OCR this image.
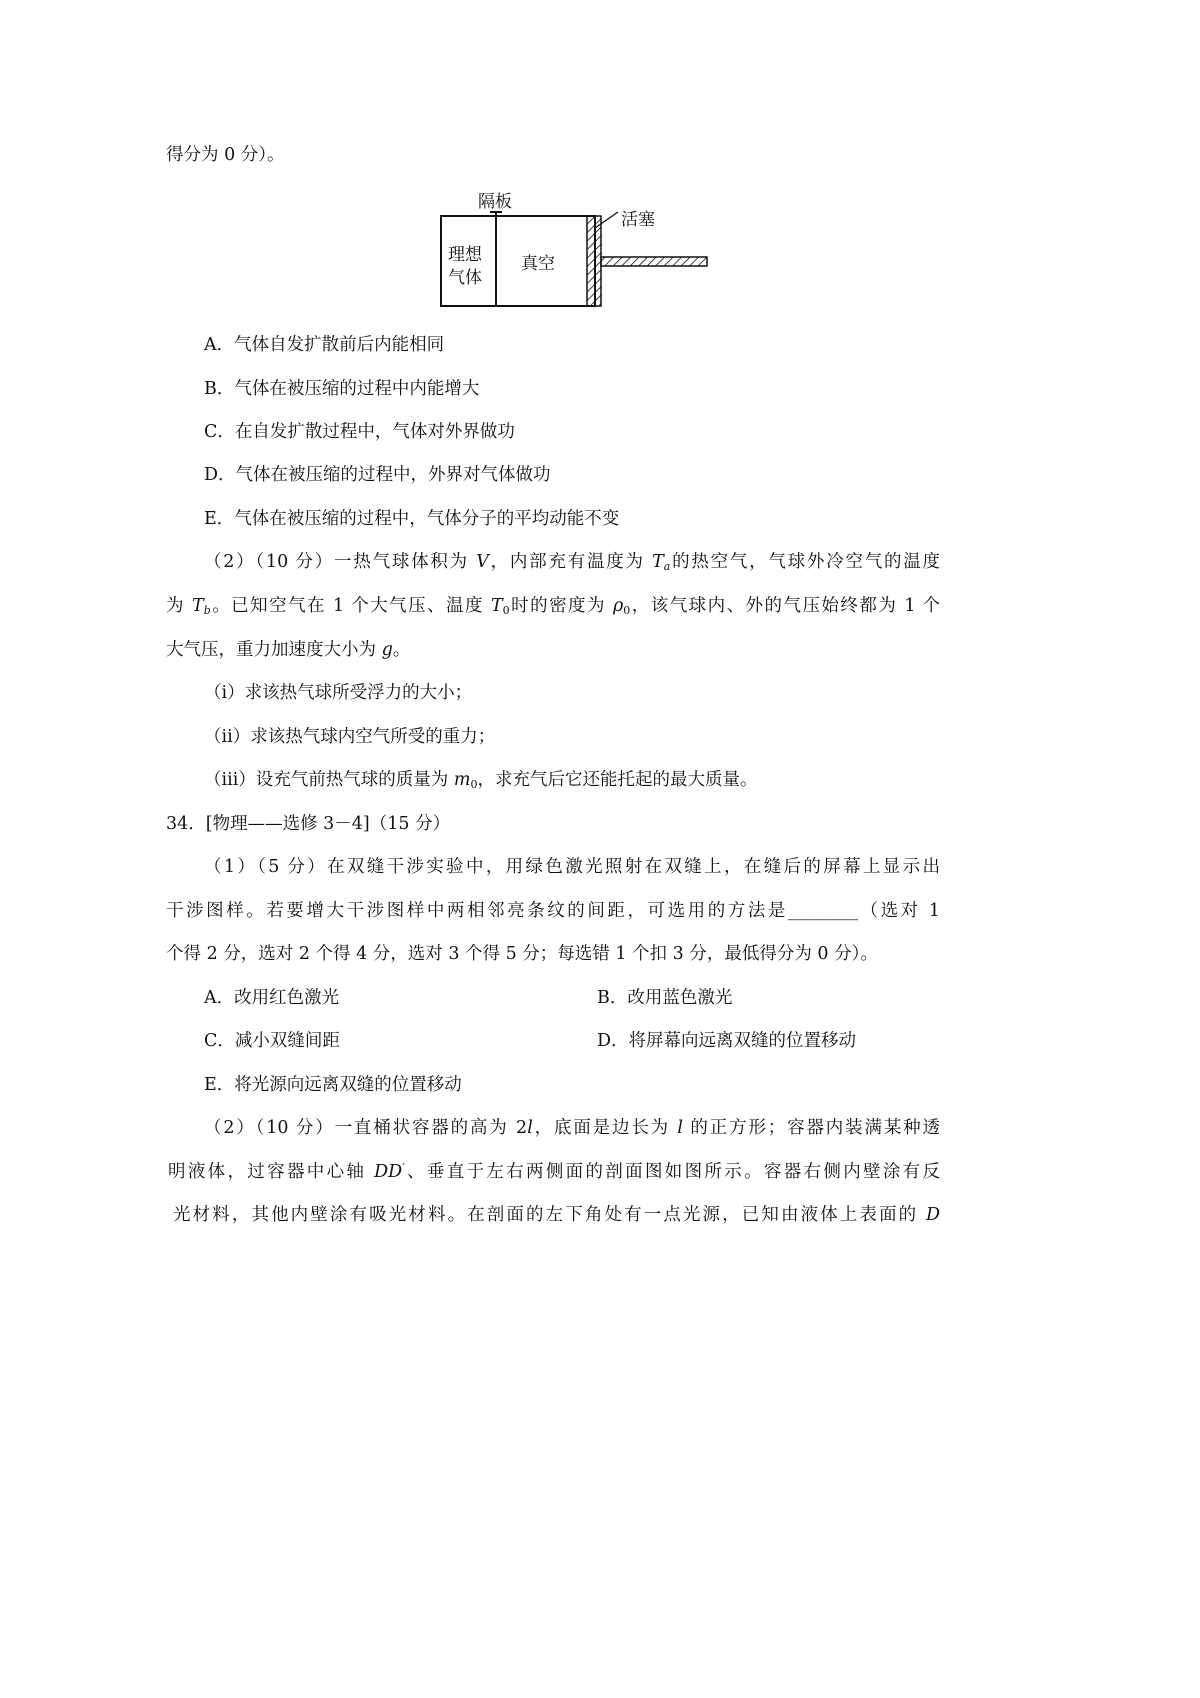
得分为 0 分）。
隔板
活塞
理想
气体
真空
A．气体自发扩散前后内能相同
B．气体在被压缩的过程中内能增大
C．在自发扩散过程中，气体对外界做功
D．气体在被压缩的过程中，外界对气体做功
E．气体在被压缩的过程中，气体分子的平均动能不变
（2）（10 分）一热气球体积为 V，内部充有温度为 $T_a$的热空气，气球外冷空气的温度
为 $T_b$。已知空气在 1 个大气压、温度 $T_0$时的密度为 $\rho_0$，该气球内、外的气压始终都为 1 个
大气压，重力加速度大小为 g。
（i）求该热气球所受浮力的大小；
（ii）求该热气球内空气所受的重力；
（iii）设充气前热气球的质量为 $m_0$，求充气后它还能托起的最大质量。
34．[物理——选修 3－4]（15 分）
（1）（5 分）在双缝干涉实验中，用绿色激光照射在双缝上，在缝后的屏幕上显示出
干涉图样。若要增大干涉图样中两相邻亮条纹的间距，可选用的方法是________（选对 1
个得 2 分，选对 2 个得 4 分，选对 3 个得 5 分；每选错 1 个扣 3 分，最低得分为 0 分）。
A．改用红色激光	B．改用蓝色激光
C．减小双缝间距	D．将屏幕向远离双缝的位置移动
E．将光源向远离双缝的位置移动
（2）（10 分）一直桶状容器的高为 2l，底面是边长为 l 的正方形；容器内装满某种透
明液体，过容器中心轴 DD′、垂直于左右两侧面的剖面图如图所示。容器右侧内壁涂有反
光材料，其他内壁涂有吸光材料。在剖面的左下角处有一点光源，已知由液体上表面的 D
